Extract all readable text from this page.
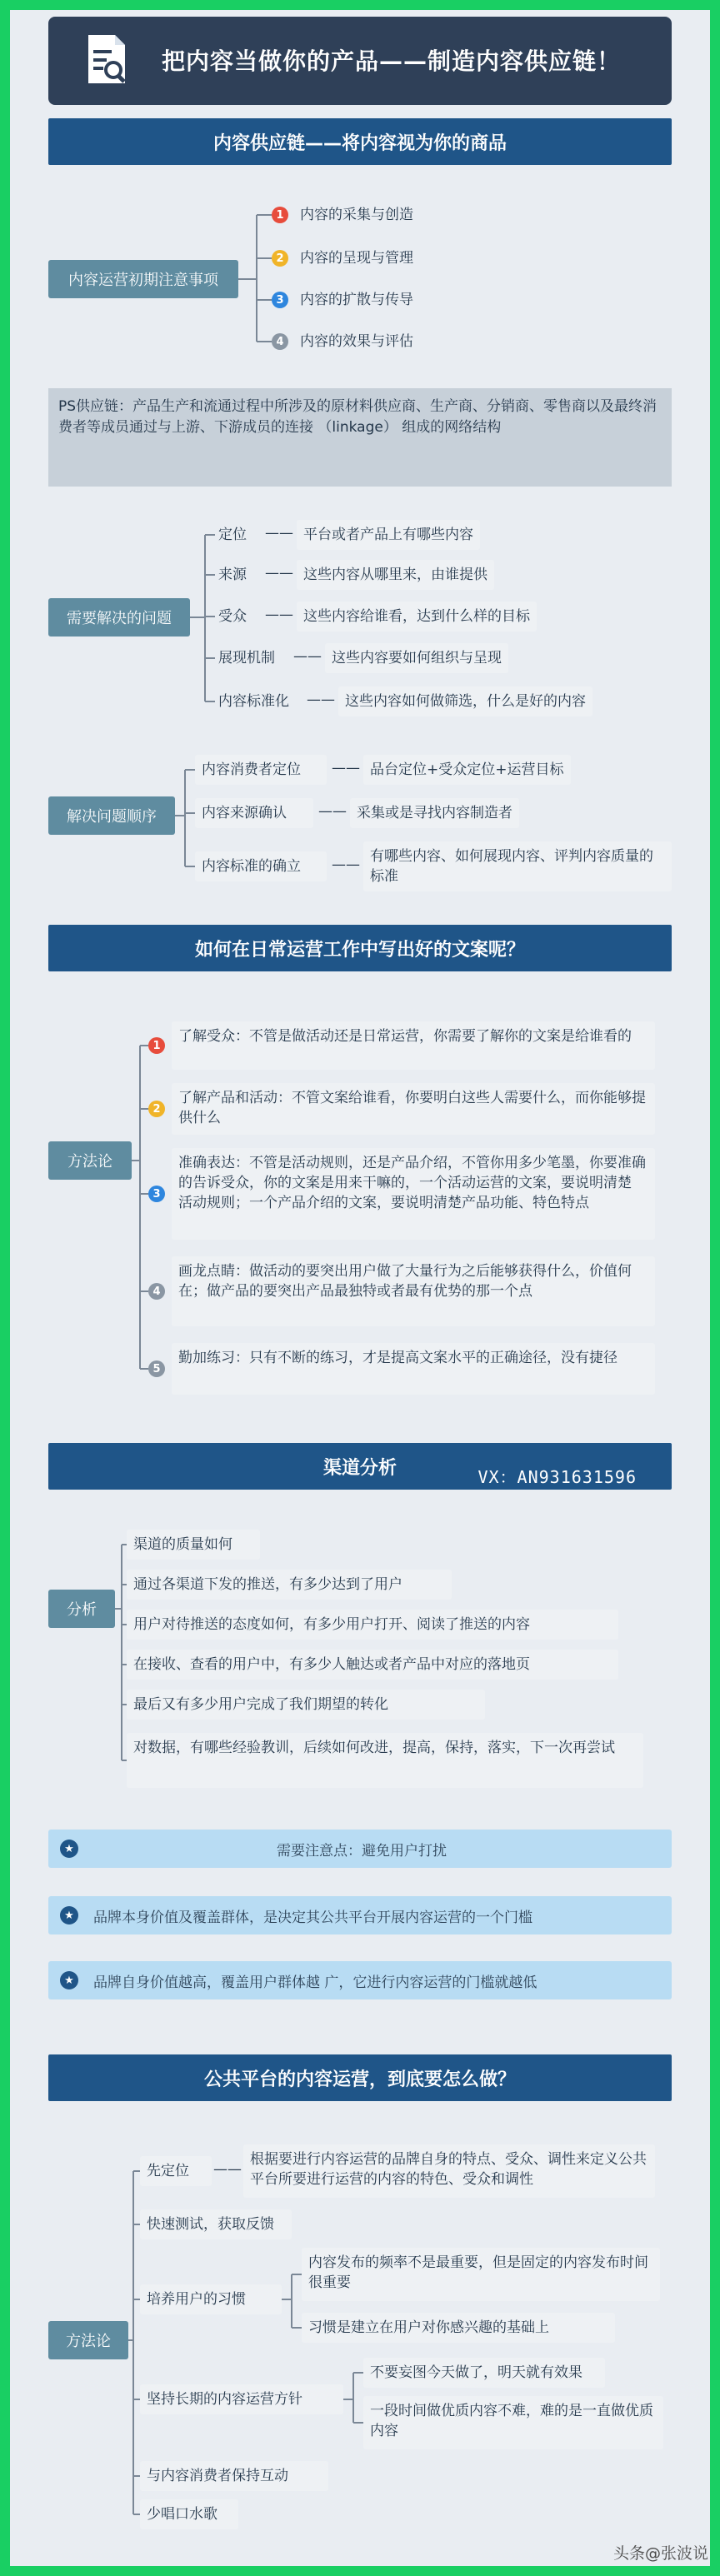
把内容当做你的产品——制造内容供应链！
内容供应链——将内容视为你的商品
内容运营初期注意事项
PS供应链：产品生产和流通过程中所涉及的原材料供应商、生产商、分销商、零售商以及最终消费者等成员通过与上游、下游成员的连接 （linkage） 组成的网络结构
需要解决的问题
解决问题顺序
如何在日常运营工作中写出好的文案呢？
方法论
渠道分析	VX：AN931631596
分析
公共平台的内容运营，到底要怎么做？
方法论
头条@张波说
1	内容的采集与创造
2	内容的呈现与管理
3	内容的扩散与传导
4	内容的效果与评估
定位 —— 平台或者产品上有哪些内容
来源 —— 这些内容从哪里来，由谁提供
受众 —— 这些内容给谁看，达到什么样的目标
展现机制 —— 这些内容要如何组织与呈现
内容标准化 —— 这些内容如何做筛选，什么是好的内容
内容消费者定位	—— 品台定位+受众定位+运营目标
内容来源确认	—— 采集或是寻找内容制造者
内容标准的确立	—— 有哪些内容、如何展现内容、评判内容质量的标准
1
了解受众：不管是做活动还是日常运营，你需要了解你的文案是给谁看的
2
了解产品和活动：不管文案给谁看，你要明白这些人需要什么，而你能够提供什么
3
准确表达：不管是活动规则，还是产品介绍，不管你用多少笔墨，你要准确的告诉受众，你的文案是用来干嘛的，一个活动运营的文案，要说明清楚 活动规则；一个产品介绍的文案，要说明清楚产品功能、特色特点
4
画龙点睛：做活动的要突出用户做了大量行为之后能够获得什么，价值何在；做产品的要突出产品最独特或者最有优势的那一个点
5
勤加练习：只有不断的练习，才是提高文案水平的正确途径，没有捷径
渠道的质量如何
通过各渠道下发的推送，有多少达到了用户
用户对待推送的态度如何，有多少用户打开、阅读了推送的内容
在接收、查看的用户中，有多少人触达或者产品中对应的落地页
最后又有多少用户完成了我们期望的转化
对数据，有哪些经验教训，后续如何改进，提高，保持，落实，下一次再尝试
★	需要注意点：避免用户打扰
★	品牌本身价值及覆盖群体，是决定其公共平台开展内容运营的一个门槛
★	品牌自身价值越高，覆盖用户群体越 广，它进行内容运营的门槛就越低
先定位	——
根据要进行内容运营的品牌自身的特点、受众、调性来定义公共平台所要进行运营的内容的特色、受众和调性
快速测试，获取反馈
培养用户的习惯
内容发布的频率不是最重要，但是固定的内容发布时间很重要
习惯是建立在用户对你感兴趣的基础上
坚持长期的内容运营方针
不要妄图今天做了，明天就有效果
一段时间做优质内容不难，难的是一直做优质内容
与内容消费者保持互动
少唱口水歌
